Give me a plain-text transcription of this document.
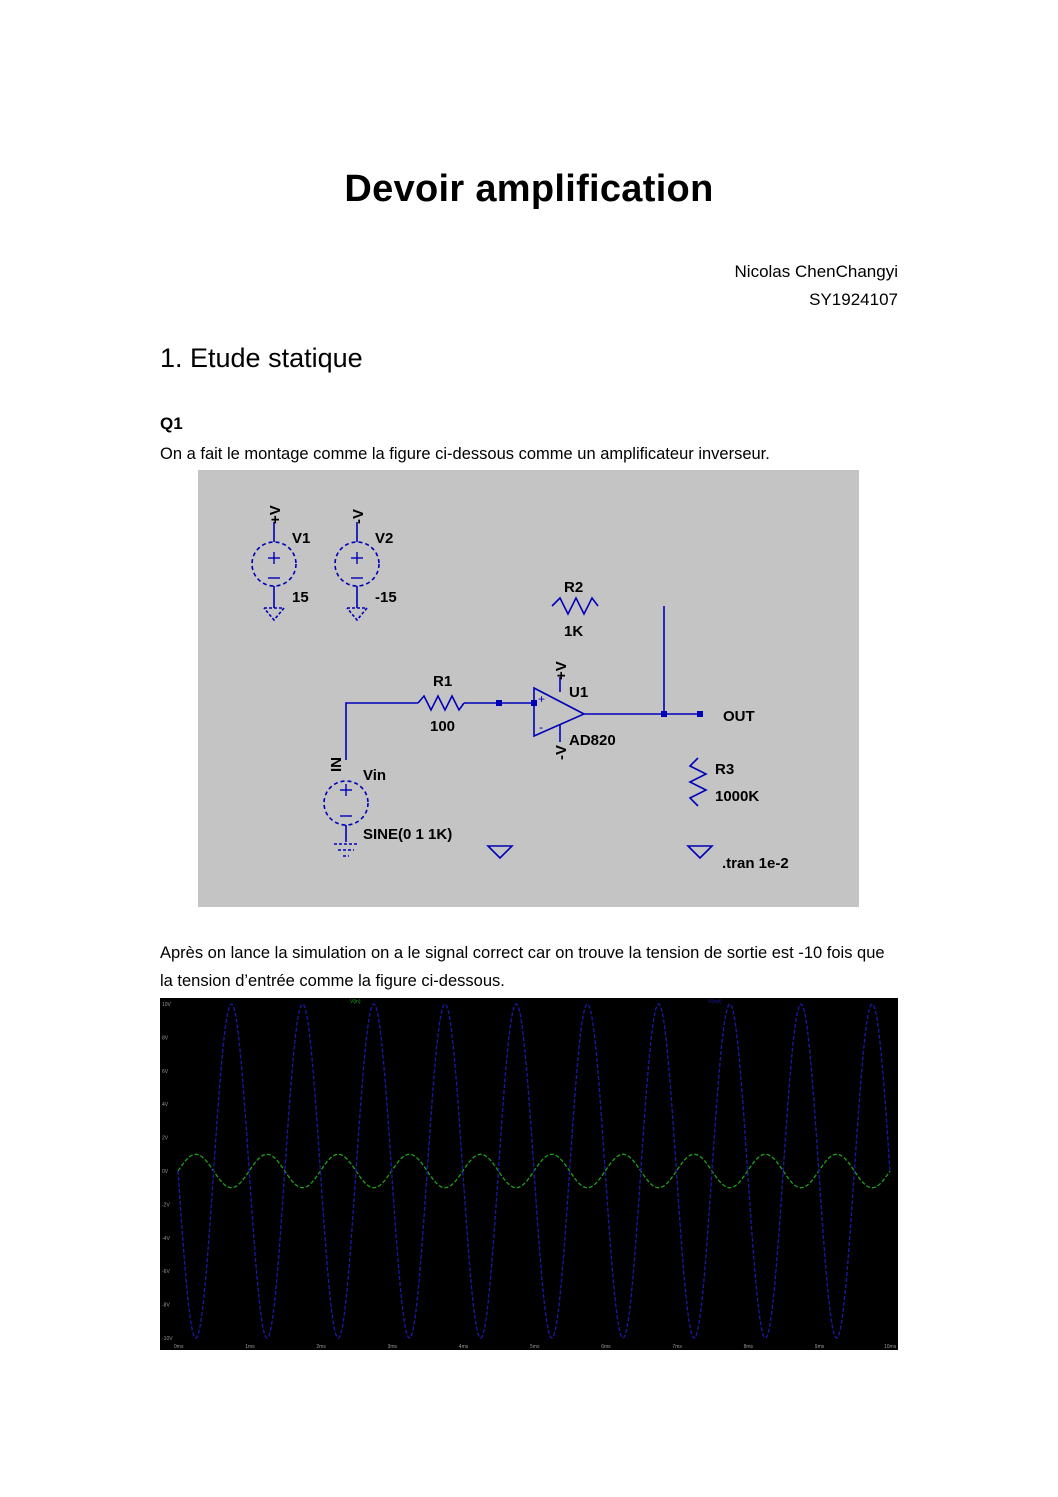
Devoir amplification
Nicolas ChenChangyi
SY1924107
1. Etude statique
Q1
On a fait le montage comme la figure ci-dessous comme un amplificateur inverseur.
+V
V1
15
-V
V2
-15
R2
1K
R1
100
+V
U1
-V
AD820
+
-
OUT
R3
1000K
IN
Vin
SINE(0 1 1K)
.tran 1e-2
Après on lance la simulation on a le signal correct car on trouve la tension de sortie est -10 fois que la tension d’entrée comme la figure ci-dessous.
10V
8V
6V
4V
2V
0V
-2V
-4V
-6V
-8V
-10V
0ms	1ms	2ms	3ms	4ms	5ms	6ms	7ms	8ms	9ms	10ms
V(in)	V(out)
